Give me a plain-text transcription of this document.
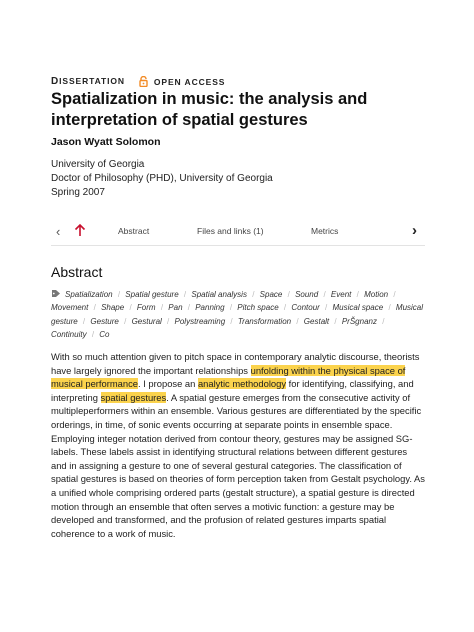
DISSERTATION	OPEN ACCESS
Spatialization in music: the analysis and interpretation of spatial gestures
Jason Wyatt Solomon
University of Georgia
Doctor of Philosophy (PHD), University of Georgia
Spring 2007
‹	Abstract	Files and links (1)	Metrics	›
Abstract
Spatialization / Spatial gesture / Spatial analysis / Space / Sound / Event / Motion / Movement / Shape / Form / Pan / Panning / Pitch space / Contour / Musical space / Musical gesture / Gesture / Gestural / Polystreaming / Transformation / Gestalt / PrŠgnanz / Continuity / Co

With so much attention given to pitch space in contemporary analytic discourse, theorists have largely ignored the important relationships unfolding within the physical space of musical performance. I propose an analytic methodology for identifying, classifying, and interpreting spatial gestures. A spatial gesture emerges from the consecutive activity of multipleperformers within an ensemble. Various gestures are differentiated by the specific orderings, in time, of sonic events occurring at separate points in ensemble space. Employing integer notation derived from contour theory, gestures may be assigned SG-labels. These labels assist in identifying structural relations between different gestures and in assigning a gesture to one of several gestural categories. The classification of spatial gestures is based on theories of form perception taken from Gestalt psychology. As a unified whole comprising ordered parts (gestalt structure), a spatial gesture is directed motion through an ensemble that often serves a motivic function: a gesture may be developed and transformed, and the profusion of related gestures imparts spatial coherence to a work of music.
